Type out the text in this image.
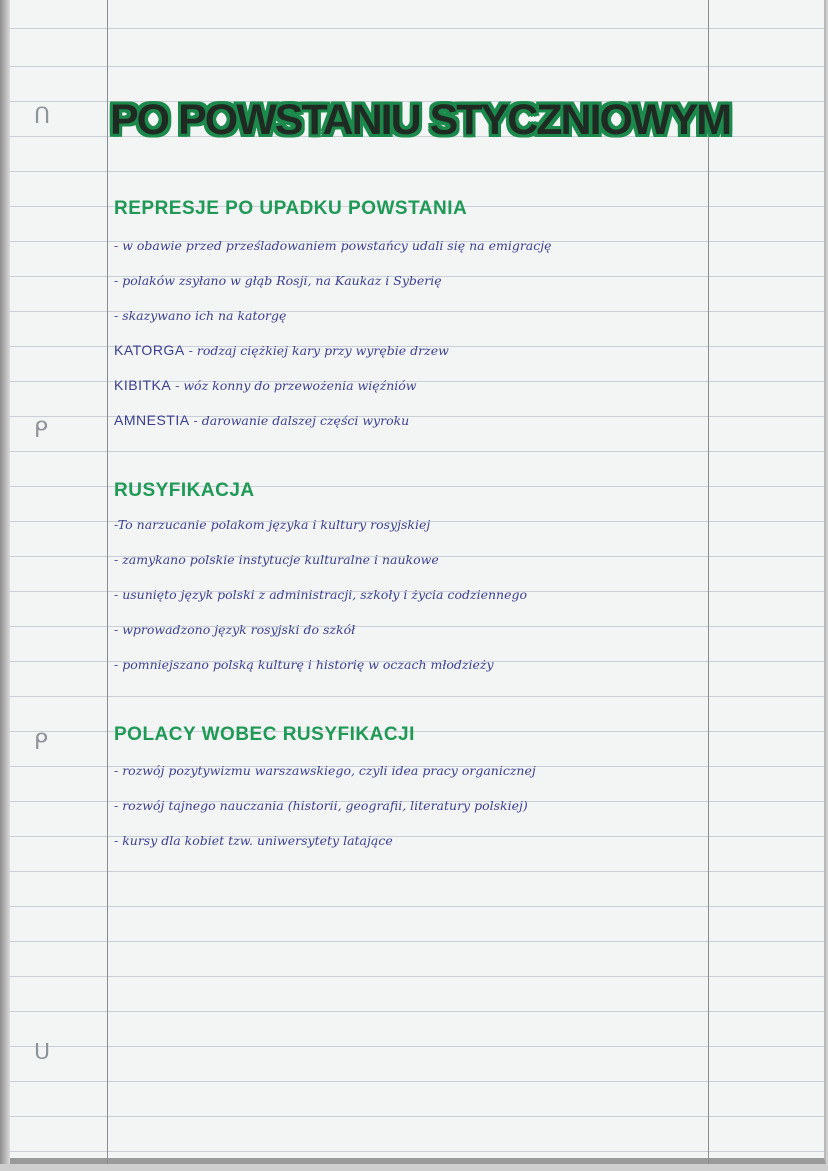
ᑎ
ᑭ
ᑭ
ᑌ
PO POWSTANIU STYCZNIOWYM
REPRESJE PO UPADKU POWSTANIA
- w obawie przed prześladowaniem powstańcy udali się na emigrację
- polaków zsyłano w głąb Rosji, na Kaukaz i Syberię
- skazywano ich na katorgę
KATORGA - rodzaj ciężkiej kary przy wyrębie drzew
KIBITKA - wóz konny do przewożenia więźniów
AMNESTIA - darowanie dalszej części wyroku
RUSYFIKACJA
-To narzucanie polakom języka i kultury rosyjskiej
- zamykano polskie instytucje kulturalne i naukowe
- usunięto język polski z administracji, szkoły i życia codziennego
- wprowadzono język rosyjski do szkół
- pomniejszano polską kulturę i historię w oczach młodzieży
POLACY WOBEC RUSYFIKACJI
- rozwój pozytywizmu warszawskiego, czyli idea pracy organicznej
- rozwój tajnego nauczania (historii, geografii, literatury polskiej)
- kursy dla kobiet tzw. uniwersytety latające
